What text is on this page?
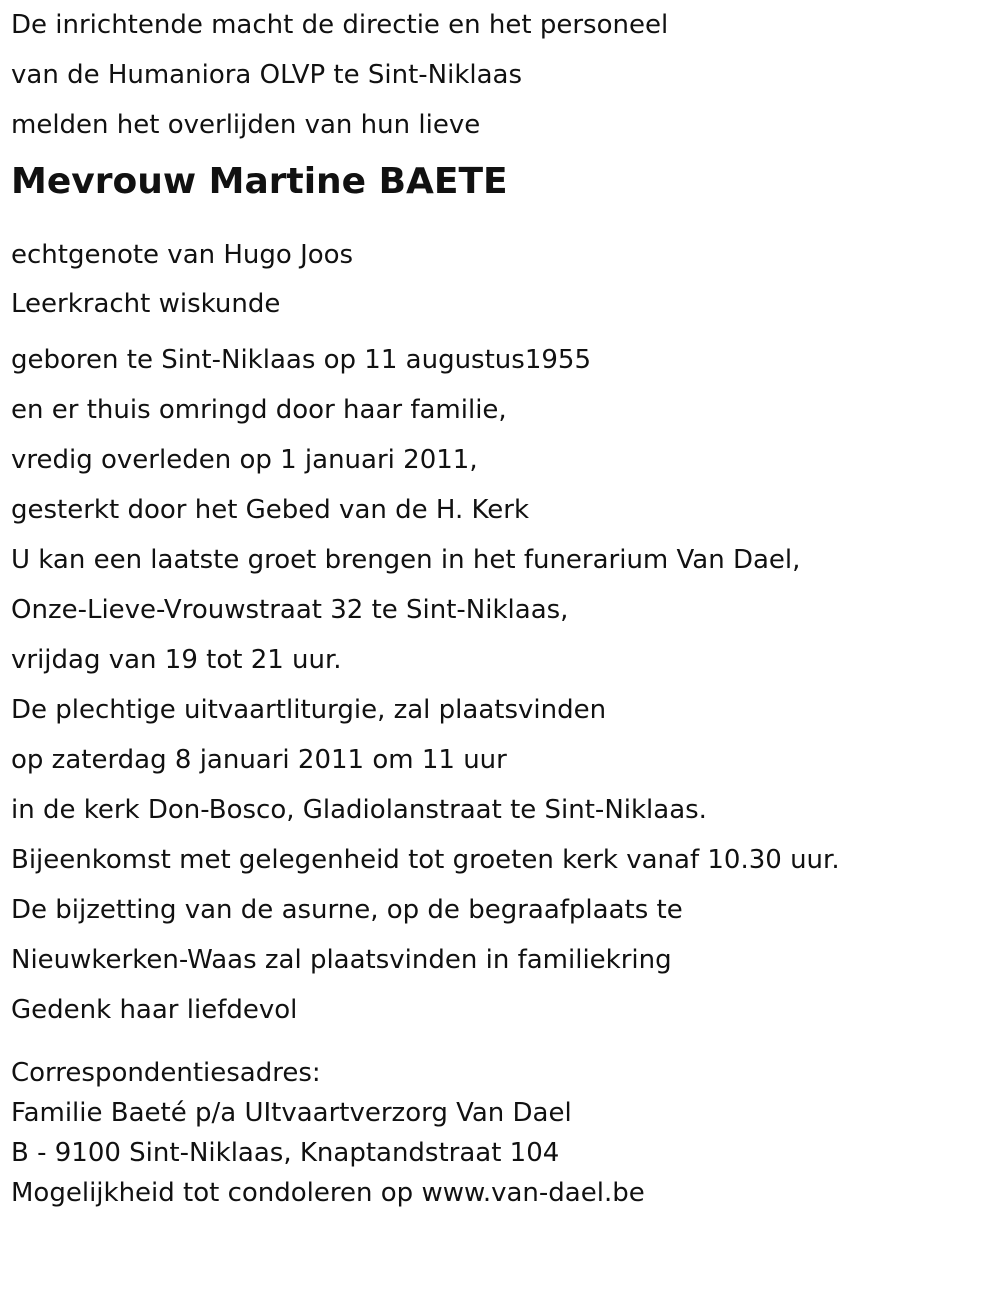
De inrichtende macht de directie en het personeel

van de Humaniora OLVP te Sint-Niklaas

melden het overlijden van hun lieve

Mevrouw Martine BAETE

echtgenote van Hugo Joos

Leerkracht wiskunde

geboren te Sint-Niklaas op 11 augustus1955

en er thuis omringd door haar familie,

vredig overleden op 1 januari 2011,

gesterkt door het Gebed van de H. Kerk

U kan een laatste groet brengen in het funerarium Van Dael,

Onze-Lieve-Vrouwstraat 32 te Sint-Niklaas,

vrijdag van 19 tot 21 uur.

De plechtige uitvaartliturgie, zal plaatsvinden

op zaterdag 8 januari 2011 om 11 uur

in de kerk Don-Bosco, Gladiolanstraat te Sint-Niklaas.

Bijeenkomst met gelegenheid tot groeten kerk vanaf 10.30 uur.

De bijzetting van de asurne, op de begraafplaats te

Nieuwkerken-Waas zal plaatsvinden in familiekring

Gedenk haar liefdevol

Correspondentiesadres:

Familie Baeté p/a UItvaartverzorg Van Dael

B - 9100 Sint-Niklaas, Knaptandstraat 104

Mogelijkheid tot condoleren op www.van-dael.be
